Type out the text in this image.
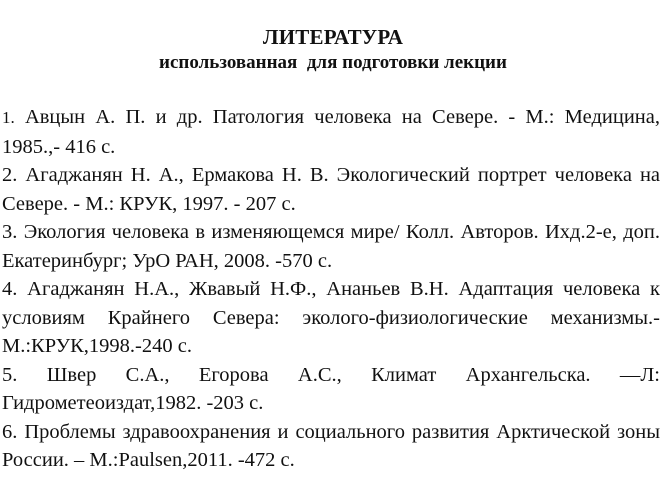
ЛИТЕРАТУРА
использованная  для подготовки лекции

1. Авцын А. П. и др. Патология человека на Севере. - М.: Медицина, 1985.,- 416 с.

2. Агаджанян Н. А., Ермакова Н. В. Экологический портрет человека на Севере. - М.: КРУК, 1997. - 207 с.

3. Экология человека в изменяющемся мире/ Колл. Авторов. Ихд.2-е, доп. Екатеринбург; УрО РАН, 2008. -570 с.

4. Агаджанян Н.А., Жвавый Н.Ф., Ананьев В.Н. Адаптация человека к условиям Крайнего Севера: эколого-физиологические механизмы.-М.:КРУК,1998.-240 с.

5. Швер С.А., Егорова А.С., Климат Архангельска. —Л: Гидрометеоиздат,1982. -203 с.

6. Проблемы здравоохранения и социального развития Арктической зоны России. – М.:Paulsen,2011. -472 с.
